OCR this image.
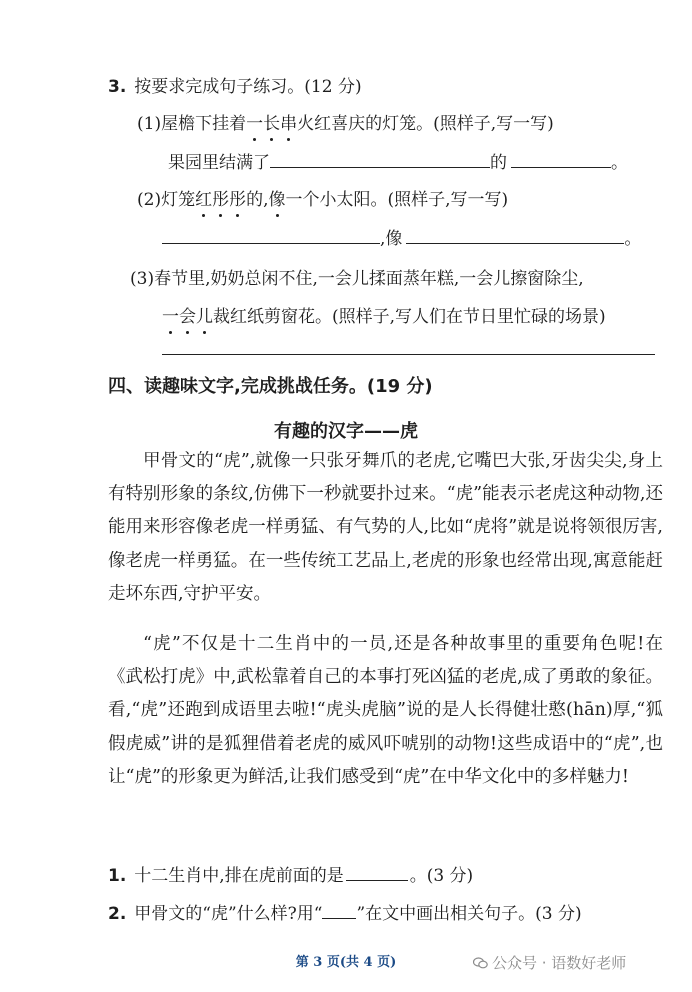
3. 按要求完成句子练习。(12 分)
(1)屋檐下挂着一长串火红喜庆的灯笼。(照样子,写一写)
果园里结满了	的	。
(2)灯笼红彤彤的,像一个小太阳。(照样子,写一写)
,像	。
(3)春节里,奶奶总闲不住,一会儿揉面蒸年糕,一会儿擦窗除尘,
一会儿裁红纸剪窗花。(照样子,写人们在节日里忙碌的场景)
四、读趣味文字,完成挑战任务。(19 分)
有趣的汉字——虎
甲骨文的“虎”,就像一只张牙舞爪的老虎,它嘴巴大张,牙齿尖尖,身上有特别形象的条纹,仿佛下一秒就要扑过来。“虎”能表示老虎这种动物,还能用来形容像老虎一样勇猛、有气势的人,比如“虎将”就是说将领很厉害,像老虎一样勇猛。在一些传统工艺品上,老虎的形象也经常出现,寓意能赶走坏东西,守护平安。
“虎”不仅是十二生肖中的一员,还是各种故事里的重要角色呢!在《武松打虎》中,武松靠着自己的本事打死凶猛的老虎,成了勇敢的象征。看,“虎”还跑到成语里去啦!“虎头虎脑”说的是人长得健壮憨(hān)厚,“狐假虎威”讲的是狐狸借着老虎的威风吓唬别的动物!这些成语中的“虎”,也让“虎”的形象更为鲜活,让我们感受到“虎”在中华文化中的多样魅力!
1. 十二生肖中,排在虎前面的是	。(3 分)
2. 甲骨文的“虎”什么样?用“ ”在文中画出相关句子。(3 分)
第 3 页(共 4 页)	公众号 · 语数好老师
